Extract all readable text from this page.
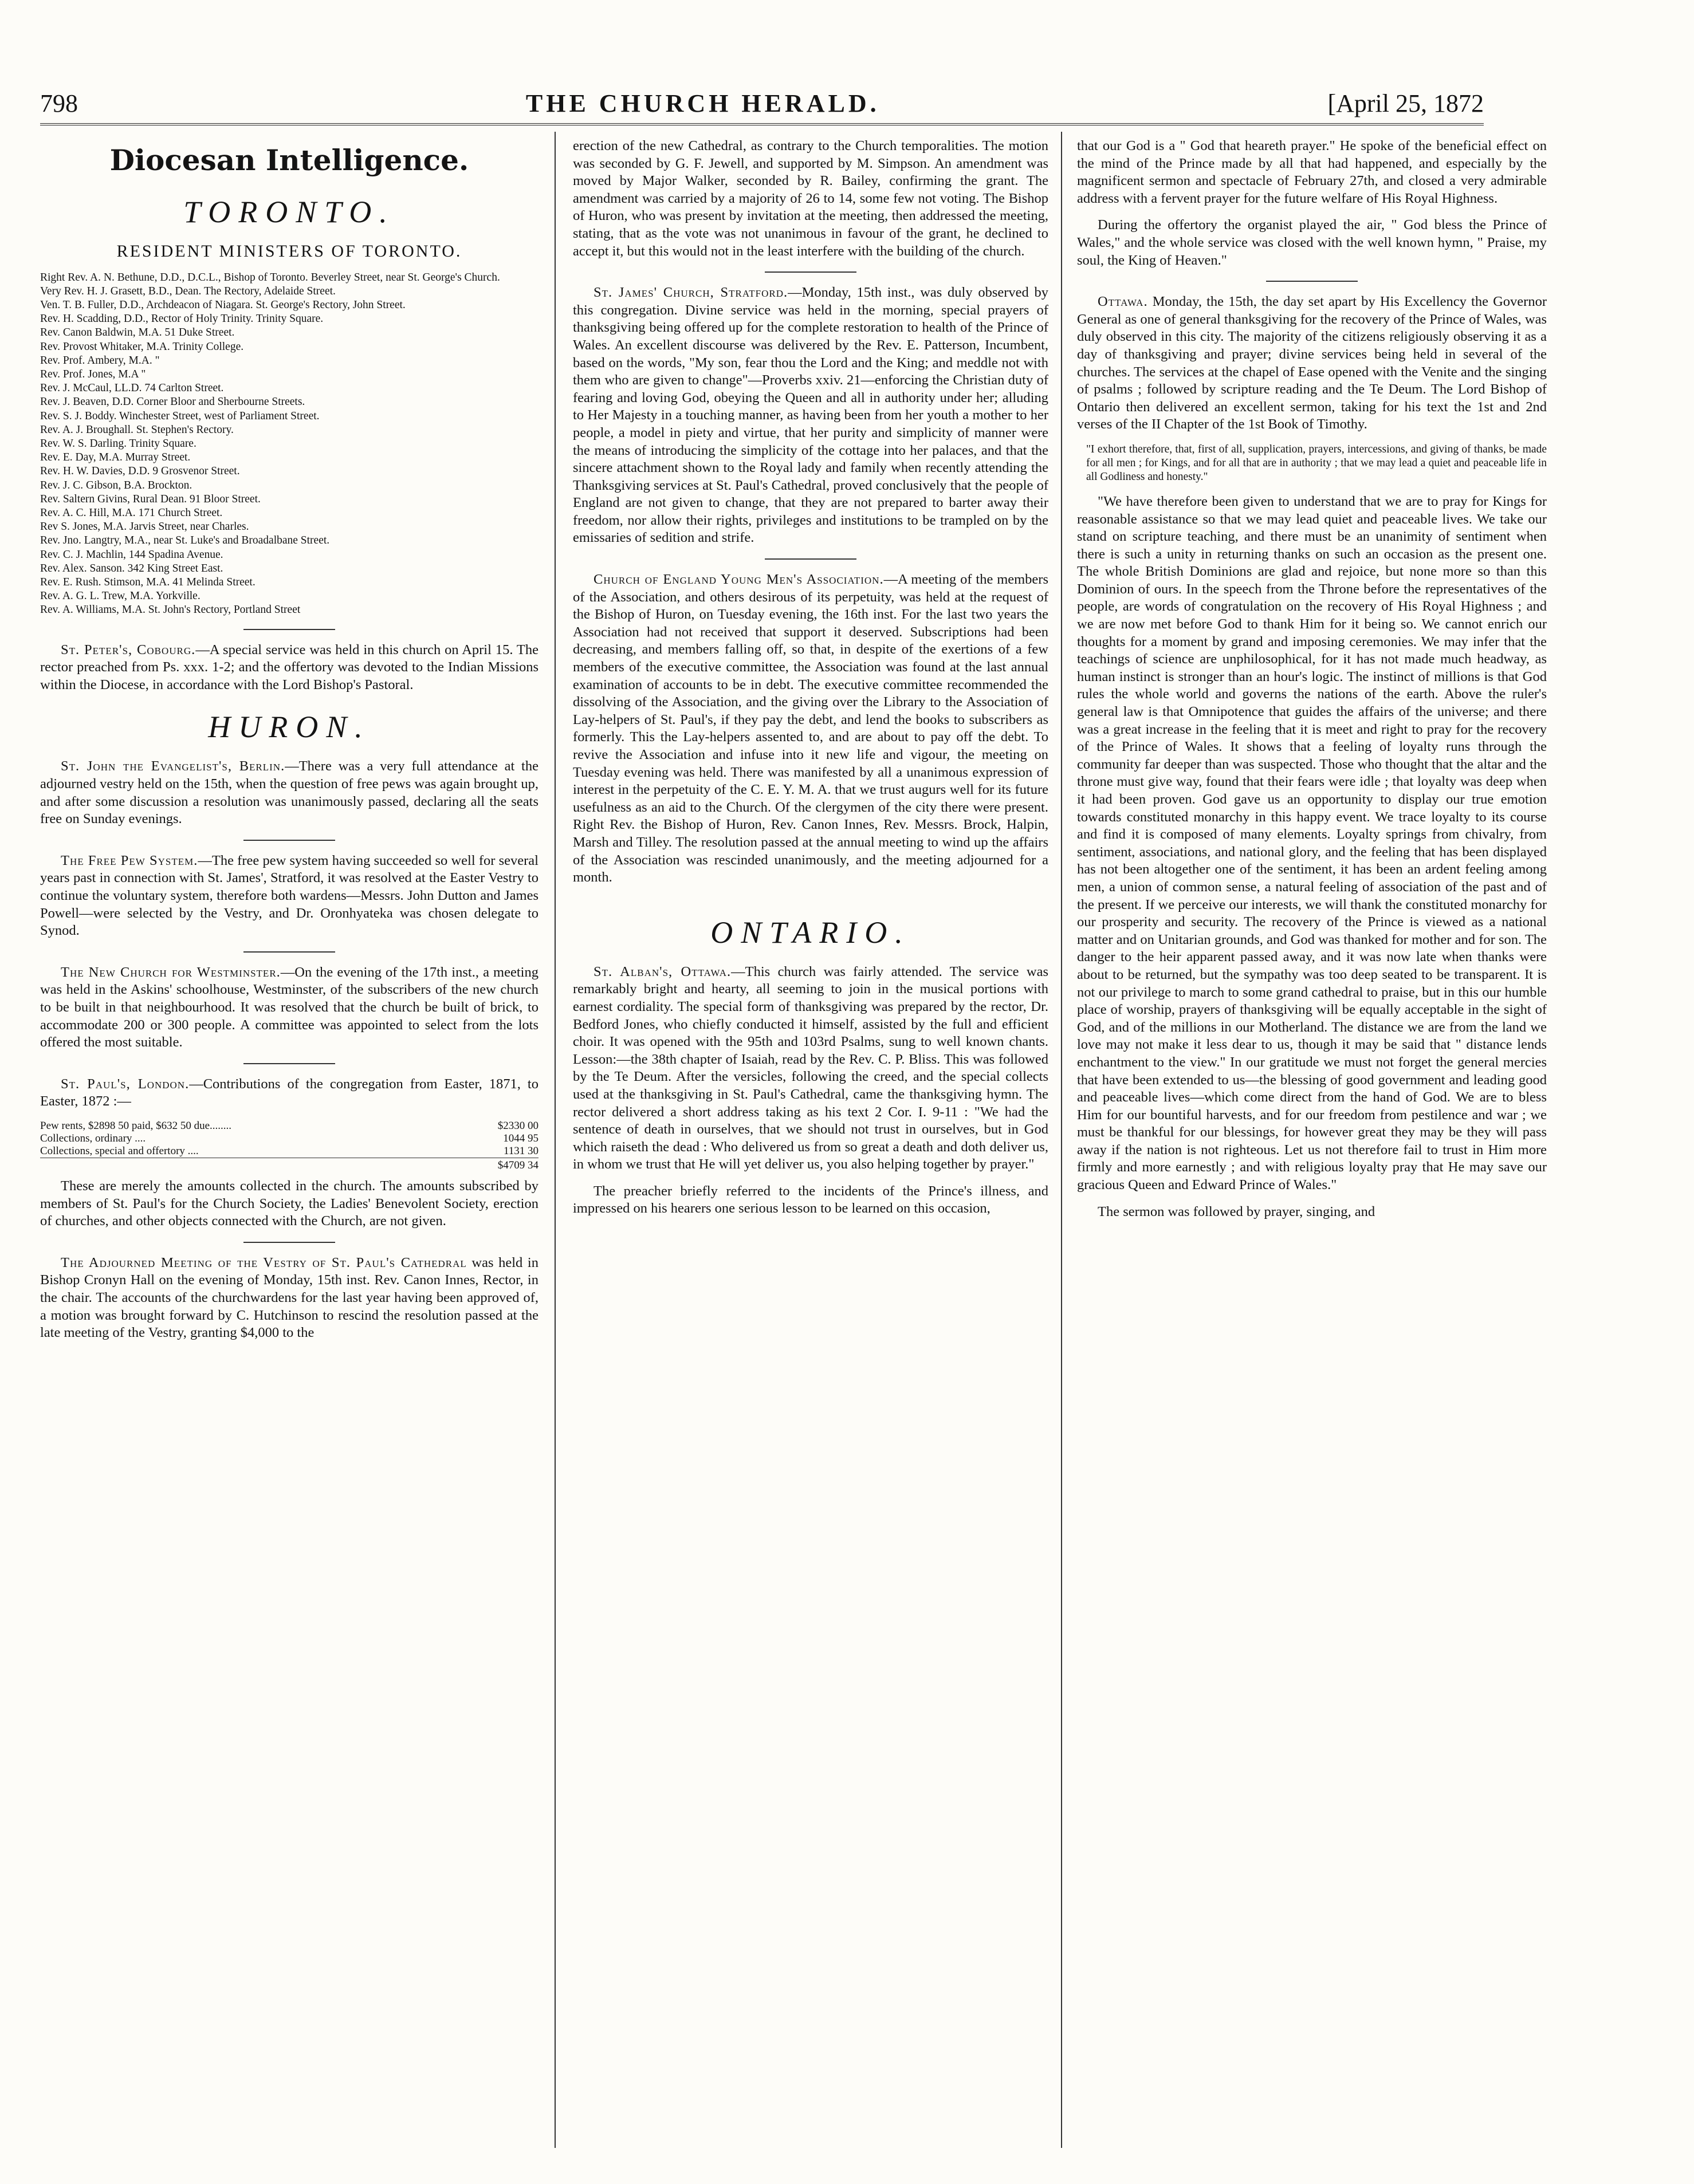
798	THE CHURCH HERALD.	[April 25, 1872
Diocesan Intelligence.
TORONTO.
RESIDENT MINISTERS OF TORONTO.
Right Rev. A. N. Bethune, D.D., D.C.L., Bishop of Toronto. Beverley Street, near St. George's Church.
Very Rev. H. J. Grasett, B.D., Dean. The Rectory, Adelaide Street.
Ven. T. B. Fuller, D.D., Archdeacon of Niagara. St. George's Rectory, John Street.
Rev. H. Scadding, D.D., Rector of Holy Trinity. Trinity Square.
Rev. Canon Baldwin, M.A. 51 Duke Street.
Rev. Provost Whitaker, M.A. Trinity College.
Rev. Prof. Ambery, M.A. "
Rev. Prof. Jones, M.A "
Rev. J. McCaul, LL.D. 74 Carlton Street.
Rev. J. Beaven, D.D. Corner Bloor and Sherbourne Streets.
Rev. S. J. Boddy. Winchester Street, west of Parliament Street.
Rev. A. J. Broughall. St. Stephen's Rectory.
Rev. W. S. Darling. Trinity Square.
Rev. E. Day, M.A. Murray Street.
Rev. H. W. Davies, D.D. 9 Grosvenor Street.
Rev. J. C. Gibson, B.A. Brockton.
Rev. Saltern Givins, Rural Dean. 91 Bloor Street.
Rev. A. C. Hill, M.A. 171 Church Street.
Rev S. Jones, M.A. Jarvis Street, near Charles.
Rev. Jno. Langtry, M.A., near St. Luke's and Broadalbane Street.
Rev. C. J. Machlin, 144 Spadina Avenue.
Rev. Alex. Sanson. 342 King Street East.
Rev. E. Rush. Stimson, M.A. 41 Melinda Street.
Rev. A. G. L. Trew, M.A. Yorkville.
Rev. A. Williams, M.A. St. John's Rectory, Portland Street

St. Peter's, Cobourg.—A special service was held in this church on April 15. The rector preached from Ps. xxx. 1-2; and the offertory was devoted to the Indian Missions within the Diocese, in accordance with the Lord Bishop's Pastoral.

HURON.

St. John the Evangelist's, Berlin.—There was a very full attendance at the adjourned vestry held on the 15th, when the question of free pews was again brought up, and after some discussion a resolution was unanimously passed, declaring all the seats free on Sunday evenings.

The Free Pew System.—The free pew system having succeeded so well for several years past in connection with St. James', Stratford, it was resolved at the Easter Vestry to continue the voluntary system, therefore both wardens—Messrs. John Dutton and James Powell—were selected by the Vestry, and Dr. Oronhyateka was chosen delegate to Synod.

The New Church for Westminster.—On the evening of the 17th inst., a meeting was held in the Askins' schoolhouse, Westminster, of the subscribers of the new church to be built in that neighbourhood. It was resolved that the church be built of brick, to accommodate 200 or 300 people. A committee was appointed to select from the lots offered the most suitable.

St. Paul's, London.—Contributions of the congregation from Easter, 1871, to Easter, 1872 :—

Pew rents, $2898 50 paid, $632 50 due........	$2330 00
Collections, ordinary ....	1044 95
Collections, special and offertory ....	1131 30
$4709 34

These are merely the amounts collected in the church. The amounts subscribed by members of St. Paul's for the Church Society, the Ladies' Benevolent Society, erection of churches, and other objects connected with the Church, are not given.

The Adjourned Meeting of the Vestry of St. Paul's Cathedral was held in Bishop Cronyn Hall on the evening of Monday, 15th inst. Rev. Canon Innes, Rector, in the chair. The accounts of the churchwardens for the last year having been approved of, a motion was brought forward by C. Hutchinson to rescind the resolution passed at the late meeting of the Vestry, granting $4,000 to the

erection of the new Cathedral, as contrary to the Church temporalities. The motion was seconded by G. F. Jewell, and supported by M. Simpson. An amendment was moved by Major Walker, seconded by R. Bailey, confirming the grant. The amendment was carried by a majority of 26 to 14, some few not voting. The Bishop of Huron, who was present by invitation at the meeting, then addressed the meeting, stating, that as the vote was not unanimous in favour of the grant, he declined to accept it, but this would not in the least interfere with the building of the church.

St. James' Church, Stratford.—Monday, 15th inst., was duly observed by this congregation. Divine service was held in the morning, special prayers of thanksgiving being offered up for the complete restoration to health of the Prince of Wales. An excellent discourse was delivered by the Rev. E. Patterson, Incumbent, based on the words, "My son, fear thou the Lord and the King; and meddle not with them who are given to change"—Proverbs xxiv. 21—enforcing the Christian duty of fearing and loving God, obeying the Queen and all in authority under her; alluding to Her Majesty in a touching manner, as having been from her youth a mother to her people, a model in piety and virtue, that her purity and simplicity of manner were the means of introducing the simplicity of the cottage into her palaces, and that the sincere attachment shown to the Royal lady and family when recently attending the Thanksgiving services at St. Paul's Cathedral, proved conclusively that the people of England are not given to change, that they are not prepared to barter away their freedom, nor allow their rights, privileges and institutions to be trampled on by the emissaries of sedition and strife.

Church of England Young Men's Association.—A meeting of the members of the Association, and others desirous of its perpetuity, was held at the request of the Bishop of Huron, on Tuesday evening, the 16th inst. For the last two years the Association had not received that support it deserved. Subscriptions had been decreasing, and members falling off, so that, in despite of the exertions of a few members of the executive committee, the Association was found at the last annual examination of accounts to be in debt. The executive committee recommended the dissolving of the Association, and the giving over the Library to the Association of Lay-helpers of St. Paul's, if they pay the debt, and lend the books to subscribers as formerly. This the Lay-helpers assented to, and are about to pay off the debt. To revive the Association and infuse into it new life and vigour, the meeting on Tuesday evening was held. There was manifested by all a unanimous expression of interest in the perpetuity of the C. E. Y. M. A. that we trust augurs well for its future usefulness as an aid to the Church. Of the clergymen of the city there were present. Right Rev. the Bishop of Huron, Rev. Canon Innes, Rev. Messrs. Brock, Halpin, Marsh and Tilley. The resolution passed at the annual meeting to wind up the affairs of the Association was rescinded unanimously, and the meeting adjourned for a month.

ONTARIO.

St. Alban's, Ottawa.—This church was fairly attended. The service was remarkably bright and hearty, all seeming to join in the musical portions with earnest cordiality. The special form of thanksgiving was prepared by the rector, Dr. Bedford Jones, who chiefly conducted it himself, assisted by the full and efficient choir. It was opened with the 95th and 103rd Psalms, sung to well known chants. Lesson:—the 38th chapter of Isaiah, read by the Rev. C. P. Bliss. This was followed by the Te Deum. After the versicles, following the creed, and the special collects used at the thanksgiving in St. Paul's Cathedral, came the thanksgiving hymn. The rector delivered a short address taking as his text 2 Cor. I. 9-11 : "We had the sentence of death in ourselves, that we should not trust in ourselves, but in God which raiseth the dead : Who delivered us from so great a death and doth deliver us, in whom we trust that He will yet deliver us, you also helping together by prayer."

The preacher briefly referred to the incidents of the Prince's illness, and impressed on his hearers one serious lesson to be learned on this occasion,

that our God is a " God that heareth prayer." He spoke of the beneficial effect on the mind of the Prince made by all that had happened, and especially by the magnificent sermon and spectacle of February 27th, and closed a very admirable address with a fervent prayer for the future welfare of His Royal Highness.

During the offertory the organist played the air, " God bless the Prince of Wales," and the whole service was closed with the well known hymn, " Praise, my soul, the King of Heaven."

Ottawa. Monday, the 15th, the day set apart by His Excellency the Governor General as one of general thanksgiving for the recovery of the Prince of Wales, was duly observed in this city. The majority of the citizens religiously observing it as a day of thanksgiving and prayer; divine services being held in several of the churches. The services at the chapel of Ease opened with the Venite and the singing of psalms ; followed by scripture reading and the Te Deum. The Lord Bishop of Ontario then delivered an excellent sermon, taking for his text the 1st and 2nd verses of the II Chapter of the 1st Book of Timothy.

"I exhort therefore, that, first of all, supplication, prayers, intercessions, and giving of thanks, be made for all men ; for Kings, and for all that are in authority ; that we may lead a quiet and peaceable life in all Godliness and honesty."

"We have therefore been given to understand that we are to pray for Kings for reasonable assistance so that we may lead quiet and peaceable lives. We take our stand on scripture teaching, and there must be an unanimity of sentiment when there is such a unity in returning thanks on such an occasion as the present one. The whole British Dominions are glad and rejoice, but none more so than this Dominion of ours. In the speech from the Throne before the representatives of the people, are words of congratulation on the recovery of His Royal Highness ; and we are now met before God to thank Him for it being so. We cannot enrich our thoughts for a moment by grand and imposing ceremonies. We may infer that the teachings of science are unphilosophical, for it has not made much headway, as human instinct is stronger than an hour's logic. The instinct of millions is that God rules the whole world and governs the nations of the earth. Above the ruler's general law is that Omnipotence that guides the affairs of the universe; and there was a great increase in the feeling that it is meet and right to pray for the recovery of the Prince of Wales. It shows that a feeling of loyalty runs through the community far deeper than was suspected. Those who thought that the altar and the throne must give way, found that their fears were idle ; that loyalty was deep when it had been proven. God gave us an opportunity to display our true emotion towards constituted monarchy in this happy event. We trace loyalty to its course and find it is composed of many elements. Loyalty springs from chivalry, from sentiment, associations, and national glory, and the feeling that has been displayed has not been altogether one of the sentiment, it has been an ardent feeling among men, a union of common sense, a natural feeling of association of the past and of the present. If we perceive our interests, we will thank the constituted monarchy for our prosperity and security. The recovery of the Prince is viewed as a national matter and on Unitarian grounds, and God was thanked for mother and for son. The danger to the heir apparent passed away, and it was now late when thanks were about to be returned, but the sympathy was too deep seated to be transparent. It is not our privilege to march to some grand cathedral to praise, but in this our humble place of worship, prayers of thanksgiving will be equally acceptable in the sight of God, and of the millions in our Motherland. The distance we are from the land we love may not make it less dear to us, though it may be said that " distance lends enchantment to the view." In our gratitude we must not forget the general mercies that have been extended to us—the blessing of good government and leading good and peaceable lives—which come direct from the hand of God. We are to bless Him for our bountiful harvests, and for our freedom from pestilence and war ; we must be thankful for our blessings, for however great they may be they will pass away if the nation is not righteous. Let us not therefore fail to trust in Him more firmly and more earnestly ; and with religious loyalty pray that He may save our gracious Queen and Edward Prince of Wales."

The sermon was followed by prayer, singing, and
